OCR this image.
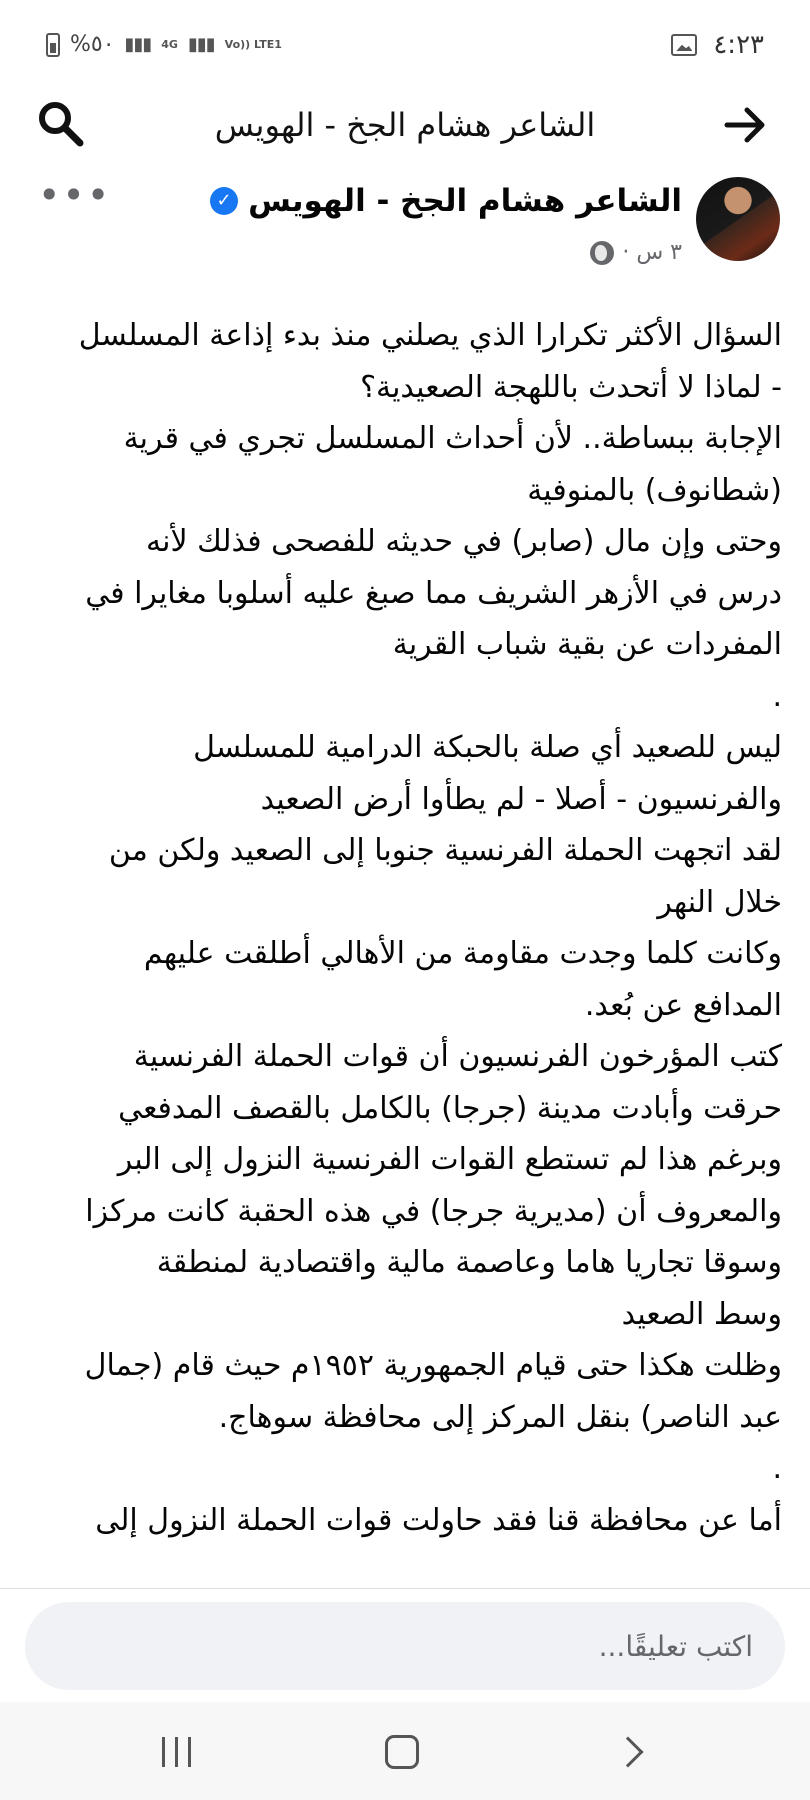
%٥٠ ▮▮▮ 4G ▮▮▮ Vo)) LTE1	٤:٢٣
الشاعر هشام الجخ - الهويس
الشاعر هشام الجخ - الهويس
✓
٣ س ·
•••
السؤال الأكثر تكرارا الذي يصلني منذ بدء إذاعة المسلسل
- لماذا لا أتحدث باللهجة الصعيدية؟
الإجابة ببساطة.. لأن أحداث المسلسل تجري في قرية
(شطانوف) بالمنوفية
وحتى وإن مال (صابر) في حديثه للفصحى فذلك لأنه
درس في الأزهر الشريف مما صبغ عليه أسلوبا مغايرا في
المفردات عن بقية شباب القرية
.
ليس للصعيد أي صلة بالحبكة الدرامية للمسلسل
والفرنسيون - أصلا - لم يطأوا أرض الصعيد
لقد اتجهت الحملة الفرنسية جنوبا إلى الصعيد ولكن من
خلال النهر
وكانت كلما وجدت مقاومة من الأهالي أطلقت عليهم
المدافع عن بُعد.
كتب المؤرخون الفرنسيون أن قوات الحملة الفرنسية
حرقت وأبادت مدينة (جرجا) بالكامل بالقصف المدفعي
وبرغم هذا لم تستطع القوات الفرنسية النزول إلى البر
والمعروف أن (مديرية جرجا) في هذه الحقبة كانت مركزا
وسوقا تجاريا هاما وعاصمة مالية واقتصادية لمنطقة
وسط الصعيد
وظلت هكذا حتى قيام الجمهورية ١٩٥٢م حيث قام (جمال
عبد الناصر) بنقل المركز إلى محافظة سوهاج.
.
أما عن محافظة قنا فقد حاولت قوات الحملة النزول إلى
اكتب تعليقًا...
